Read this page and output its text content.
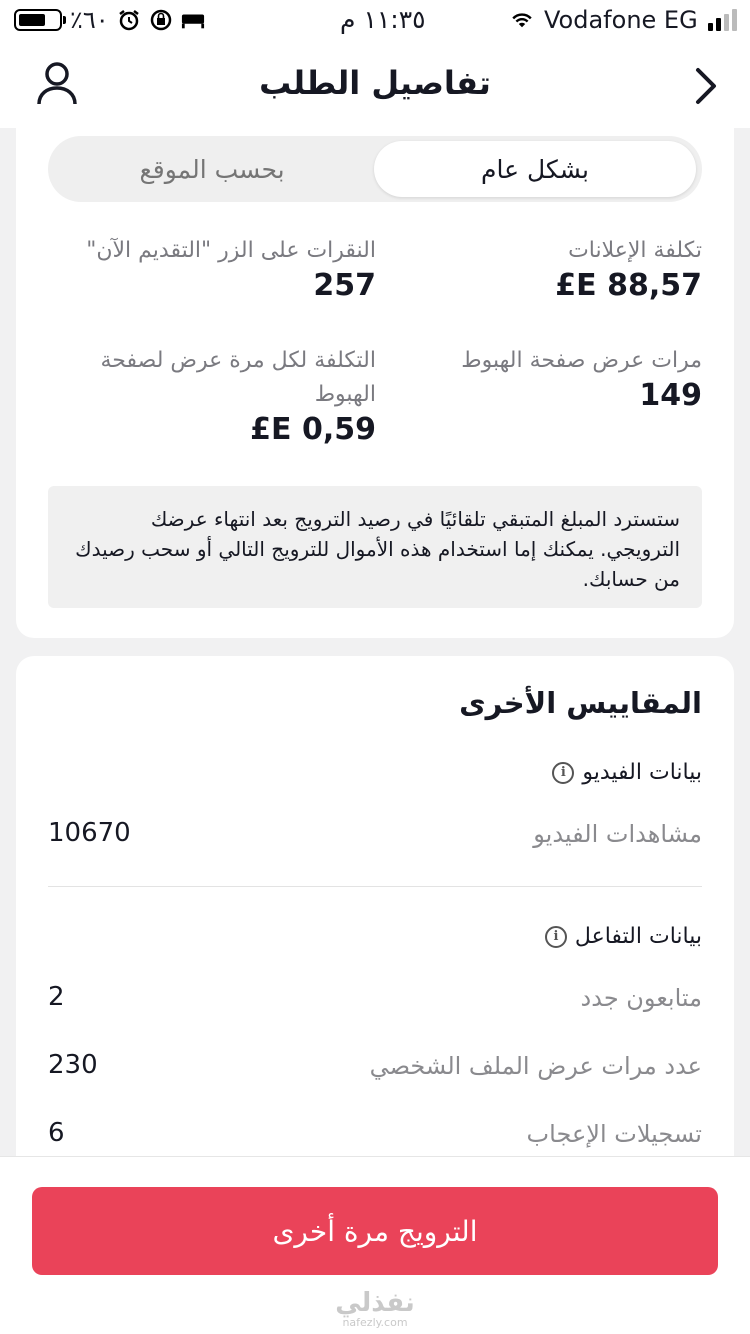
٪٦٠	١١:٣٥ م	Vodafone EG
تفاصيل الطلب
بحسب الموقع	بشكل عام
تكلفة الإعلانات
£E 88,57
النقرات على الزر "التقديم الآن"
257
مرات عرض صفحة الهبوط
149
التكلفة لكل مرة عرض لصفحة الهبوط
£E 0,59
ستسترد المبلغ المتبقي تلقائيًا في رصيد الترويج بعد انتهاء عرضك الترويجي. يمكنك إما استخدام هذه الأموال للترويج التالي أو سحب رصيدك من حسابك.
المقاييس الأخرى
بيانات الفيديو
i
مشاهدات الفيديو
10670
بيانات التفاعل
i
متابعون جدد
2
عدد مرات عرض الملف الشخصي
230
تسجيلات الإعجاب
6
الترويج مرة أخرى
نفذلي
nafezly.com
